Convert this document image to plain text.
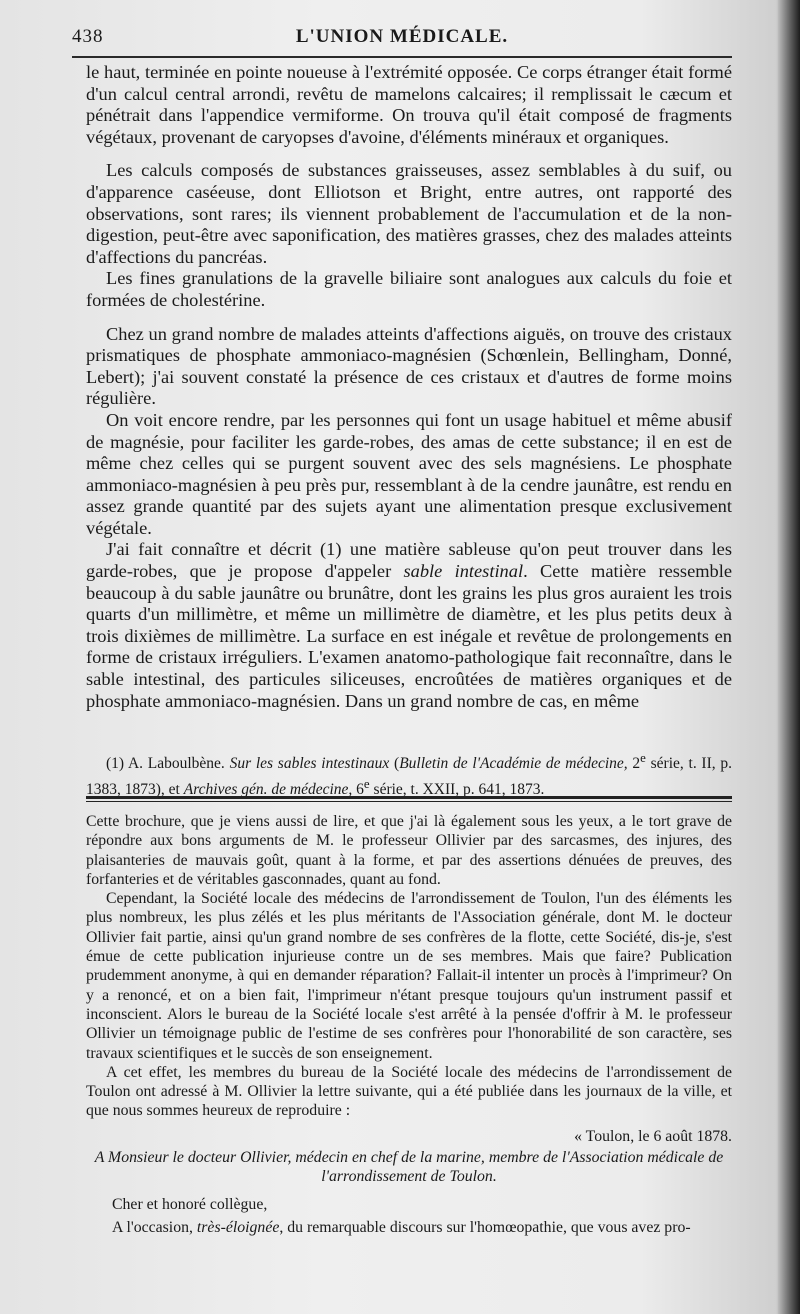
438	L'UNION MÉDICALE.

le haut, terminée en pointe noueuse à l'extrémité opposée. Ce corps étranger était formé d'un calcul central arrondi, revêtu de mamelons calcaires; il remplissait le cæcum et pénétrait dans l'appendice vermiforme. On trouva qu'il était composé de fragments végétaux, provenant de caryopses d'avoine, d'éléments minéraux et organiques.

Les calculs composés de substances graisseuses, assez semblables à du suif, ou d'apparence caséeuse, dont Elliotson et Bright, entre autres, ont rapporté des observations, sont rares; ils viennent probablement de l'accumulation et de la non-digestion, peut-être avec saponification, des matières grasses, chez des malades atteints d'affections du pancréas.

Les fines granulations de la gravelle biliaire sont analogues aux calculs du foie et formées de cholestérine.

Chez un grand nombre de malades atteints d'affections aiguës, on trouve des cristaux prismatiques de phosphate ammoniaco-magnésien (Schœnlein, Bellingham, Donné, Lebert); j'ai souvent constaté la présence de ces cristaux et d'autres de forme moins régulière.

On voit encore rendre, par les personnes qui font un usage habituel et même abusif de magnésie, pour faciliter les garde-robes, des amas de cette substance; il en est de même chez celles qui se purgent souvent avec des sels magnésiens. Le phosphate ammoniaco-magnésien à peu près pur, ressemblant à de la cendre jaunâtre, est rendu en assez grande quantité par des sujets ayant une alimentation presque exclusivement végétale.

J'ai fait connaître et décrit (1) une matière sableuse qu'on peut trouver dans les garde-robes, que je propose d'appeler sable intestinal. Cette matière ressemble beaucoup à du sable jaunâtre ou brunâtre, dont les grains les plus gros auraient les trois quarts d'un millimètre, et même un millimètre de diamètre, et les plus petits deux à trois dixièmes de millimètre. La surface en est inégale et revêtue de prolongements en forme de cristaux irréguliers. L'examen anatomo-pathologique fait reconnaître, dans le sable intestinal, des particules siliceuses, encroûtées de matières organiques et de phosphate ammoniaco-magnésien. Dans un grand nombre de cas, en même

(1) A. Laboulbène. Sur les sables intestinaux (Bulletin de l'Académie de médecine, 2e série, t. II, p. 1383, 1873), et Archives gén. de médecine, 6e série, t. XXII, p. 641, 1873.

Cette brochure, que je viens aussi de lire, et que j'ai là également sous les yeux, a le tort grave de répondre aux bons arguments de M. le professeur Ollivier par des sarcasmes, des injures, des plaisanteries de mauvais goût, quant à la forme, et par des assertions dénuées de preuves, des forfanteries et de véritables gasconnades, quant au fond.

Cependant, la Société locale des médecins de l'arrondissement de Toulon, l'un des éléments les plus nombreux, les plus zélés et les plus méritants de l'Association générale, dont M. le docteur Ollivier fait partie, ainsi qu'un grand nombre de ses confrères de la flotte, cette Société, dis-je, s'est émue de cette publication injurieuse contre un de ses membres. Mais que faire? Publication prudemment anonyme, à qui en demander réparation? Fallait-il intenter un procès à l'imprimeur? On y a renoncé, et on a bien fait, l'imprimeur n'étant presque toujours qu'un instrument passif et inconscient. Alors le bureau de la Société locale s'est arrêté à la pensée d'offrir à M. le professeur Ollivier un témoignage public de l'estime de ses confrères pour l'honorabilité de son caractère, ses travaux scientifiques et le succès de son enseignement.

A cet effet, les membres du bureau de la Société locale des médecins de l'arrondissement de Toulon ont adressé à M. Ollivier la lettre suivante, qui a été publiée dans les journaux de la ville, et que nous sommes heureux de reproduire :

« Toulon, le 6 août 1878.

A Monsieur le docteur Ollivier, médecin en chef de la marine, membre de l'Association médicale de l'arrondissement de Toulon.

Cher et honoré collègue,

A l'occasion, très-éloignée, du remarquable discours sur l'homœopathie, que vous avez pro-
